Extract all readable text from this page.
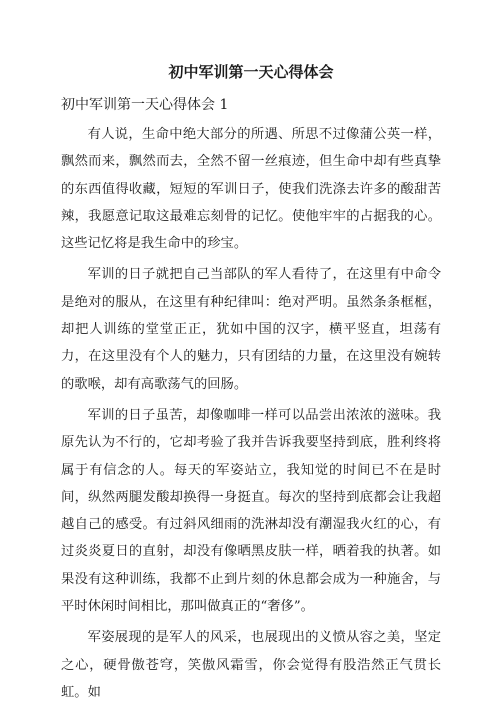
初中军训第一天心得体会
初中军训第一天心得体会 1

有人说，生命中绝大部分的所遇、所思不过像蒲公英一样，飘然而来，飘然而去，全然不留一丝痕迹，但生命中却有些真挚的东西值得收藏，短短的军训日子，使我们洗涤去许多的酸甜苦辣，我愿意记取这最难忘刻骨的记忆。使他牢牢的占据我的心。这些记忆将是我生命中的珍宝。

军训的日子就把自己当部队的军人看待了，在这里有中命令是绝对的服从，在这里有种纪律叫：绝对严明。虽然条条框框，却把人训练的堂堂正正，犹如中国的汉字，横平竖直，坦荡有力，在这里没有个人的魅力，只有团结的力量，在这里没有婉转的歌喉，却有高歌荡气的回肠。

军训的日子虽苦，却像咖啡一样可以品尝出浓浓的滋味。我原先认为不行的，它却考验了我并告诉我要坚持到底，胜利终将属于有信念的人。每天的军姿站立，我知觉的时间已不在是时间，纵然两腿发酸却换得一身挺直。每次的坚持到底都会让我超越自己的感受。有过斜风细雨的洗淋却没有潮湿我火红的心，有过炎炎夏日的直射，却没有像晒黑皮肤一样，晒着我的执著。如果没有这种训练，我都不止到片刻的休息都会成为一种施舍，与平时休闲时间相比，那叫做真正的“奢侈”。

军姿展现的是军人的风采，也展现出的义愤从容之美，坚定之心，硬骨傲苍穹，笑傲风霜雪，你会觉得有股浩然正气贯长虹。如
